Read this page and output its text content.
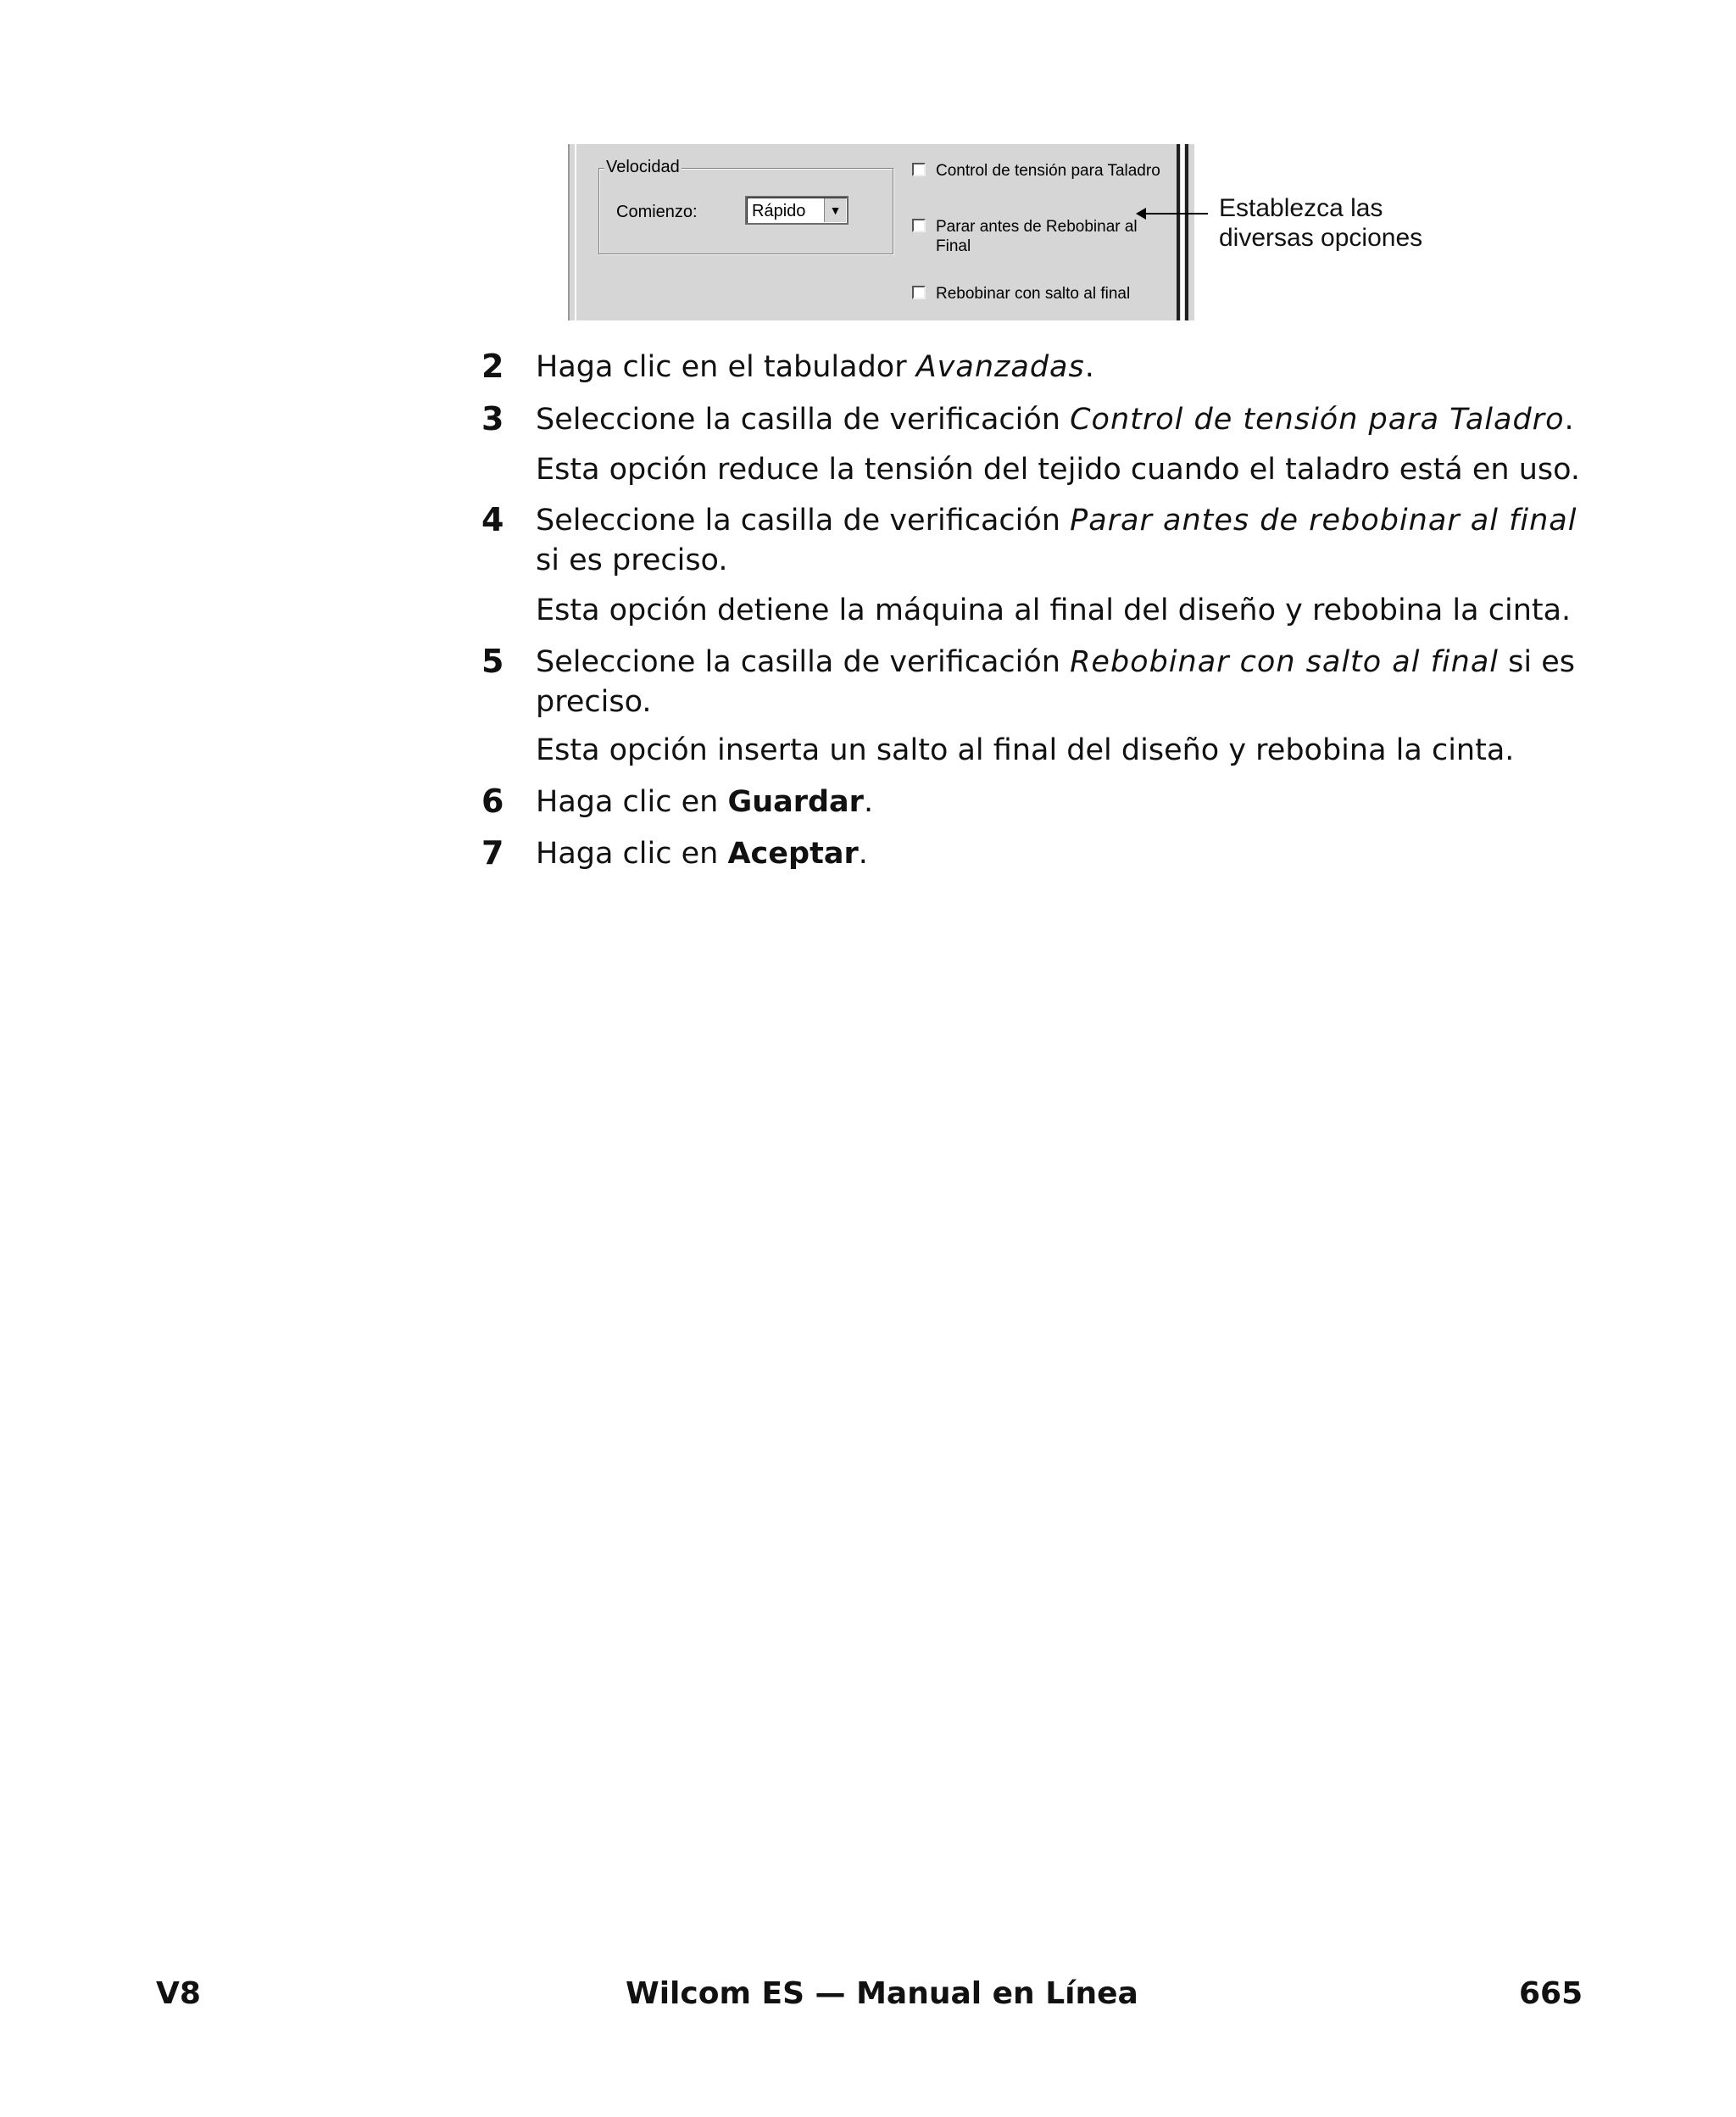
Velocidad
Comienzo:	Rápido	▼
Control de tensión para Taladro
Parar antes de Rebobinar al Final
Rebobinar con salto al final
Establezca las
diversas opciones
2 Haga clic en el tabulador Avanzadas.
3 Seleccione la casilla de verificación Control de tensión para Taladro.
Esta opción reduce la tensión del tejido cuando el taladro está en uso.
4 Seleccione la casilla de verificación Parar antes de rebobinar al final si es preciso.
Esta opción detiene la máquina al final del diseño y rebobina la cinta.
5 Seleccione la casilla de verificación Rebobinar con salto al final si es preciso.
Esta opción inserta un salto al final del diseño y rebobina la cinta.
6 Haga clic en Guardar.
7 Haga clic en Aceptar.
V8	Wilcom ES — Manual en Línea	665
